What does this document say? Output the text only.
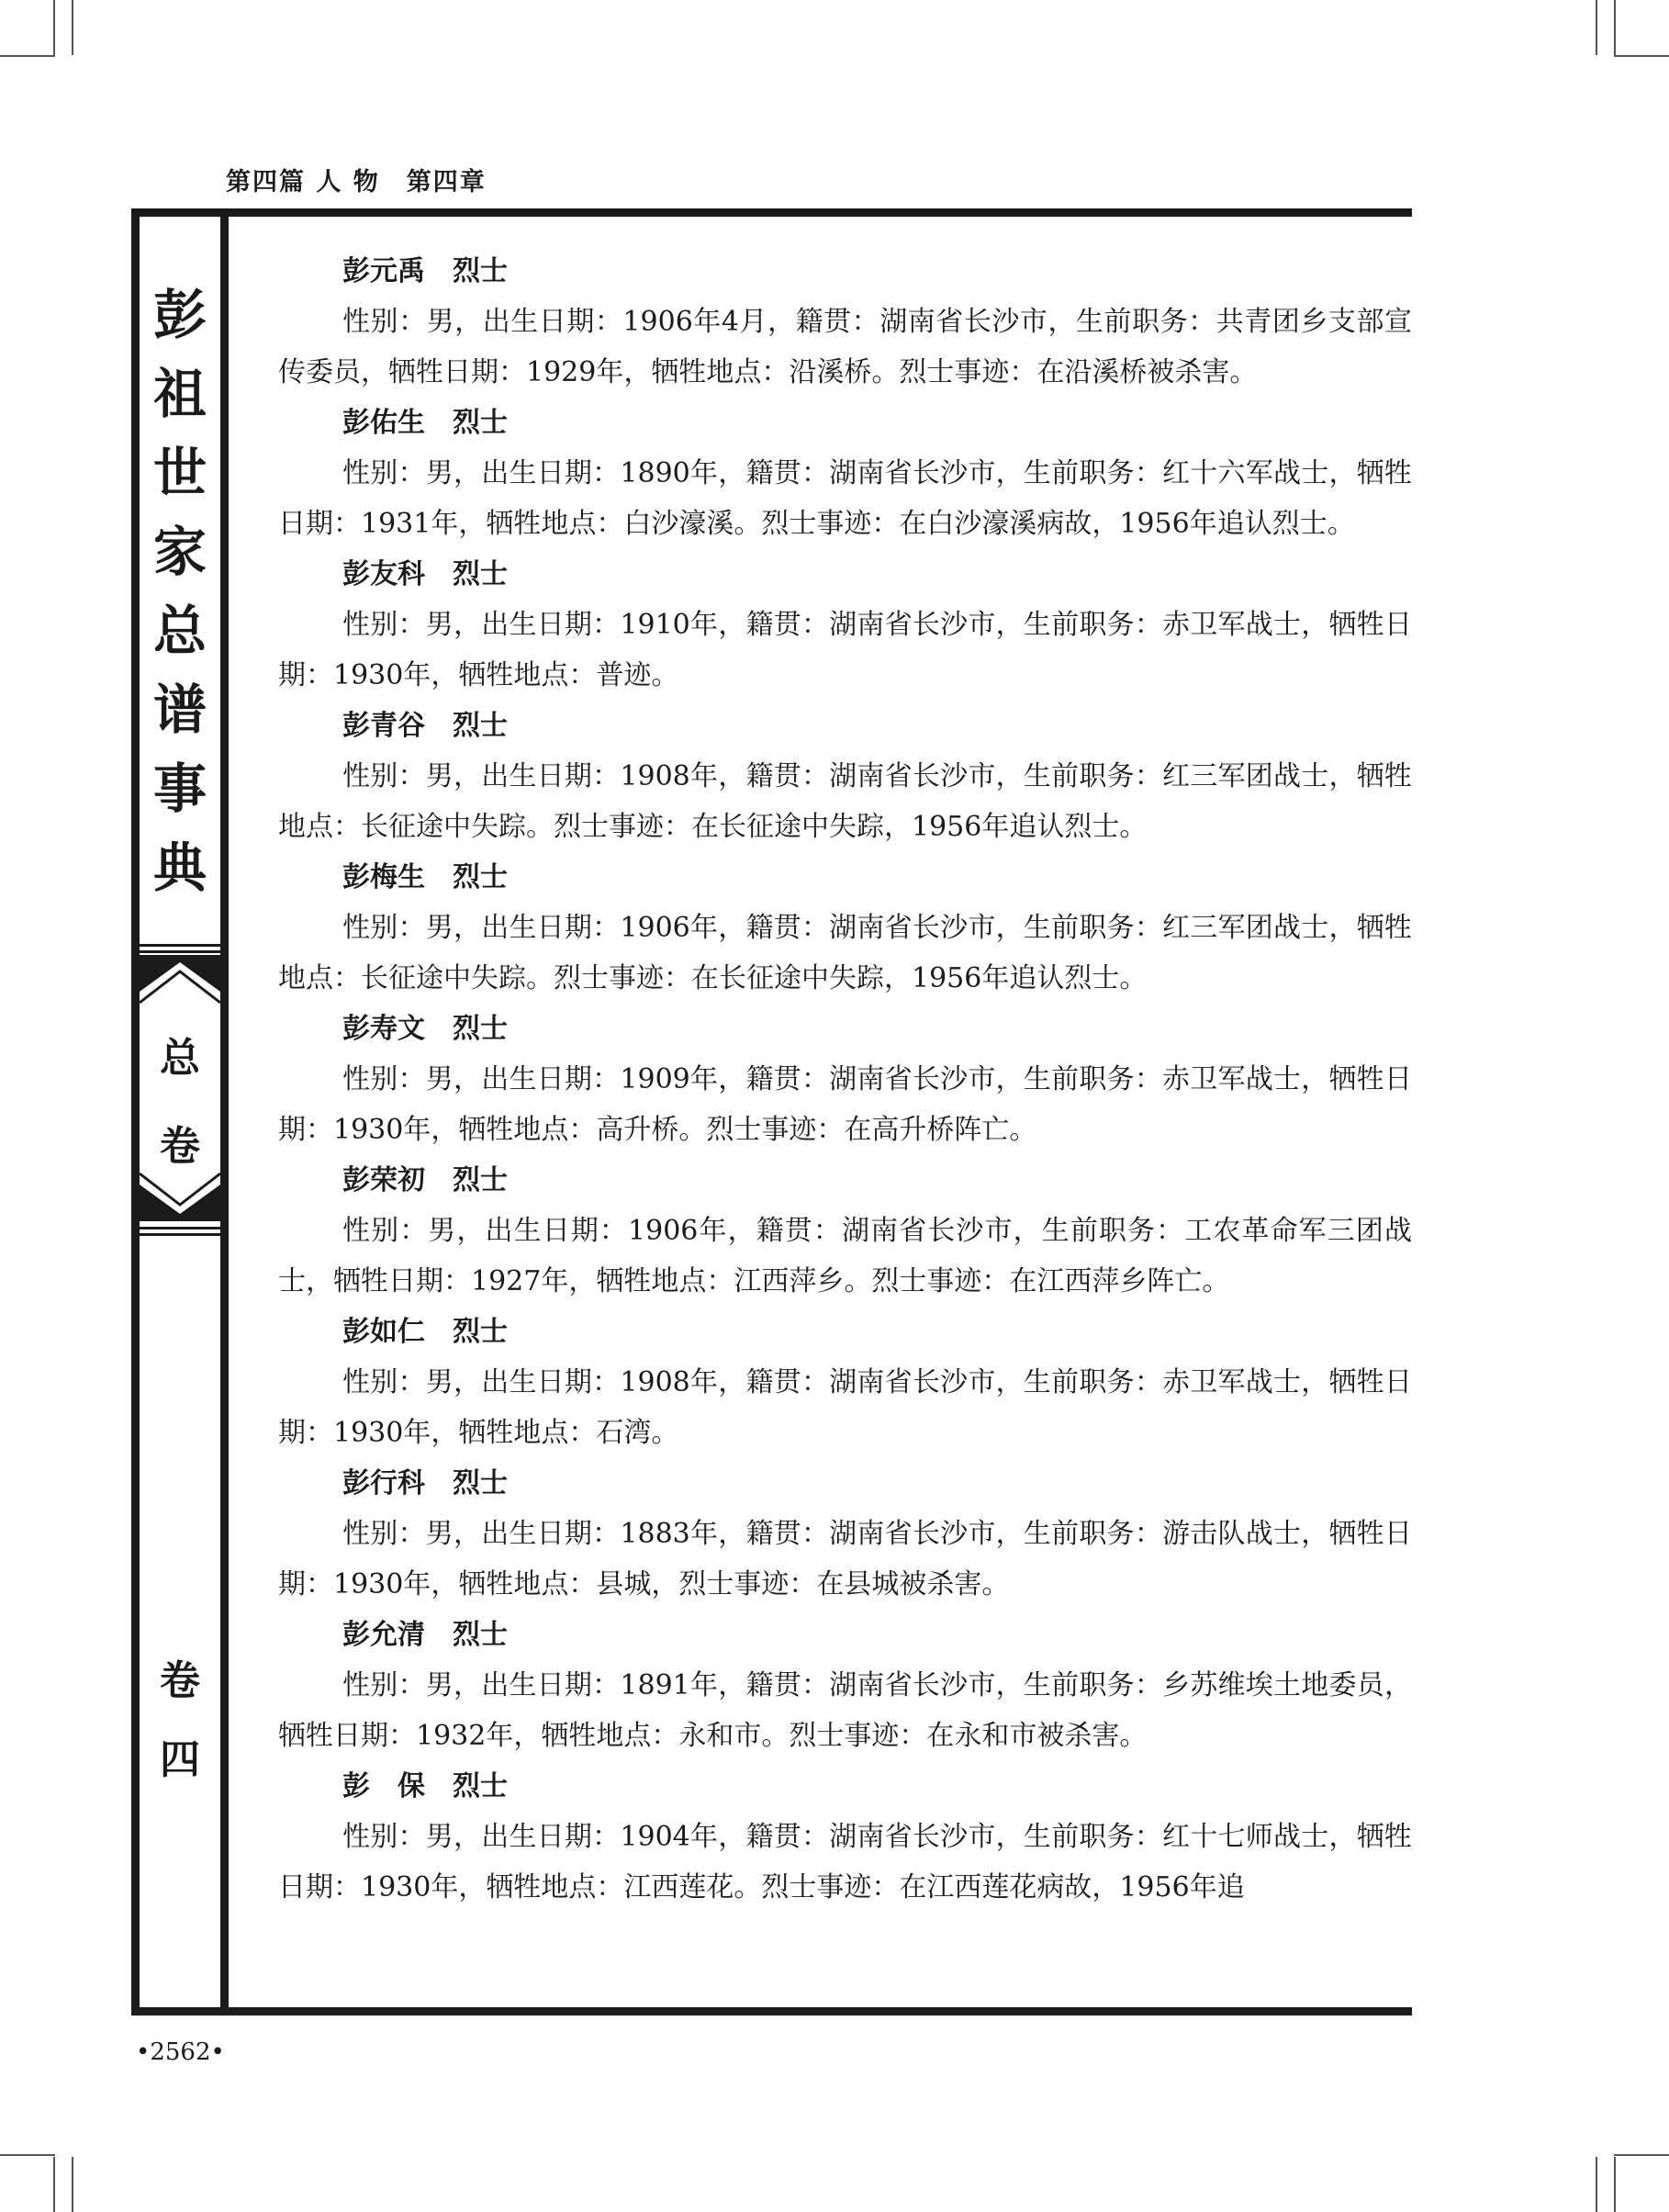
第四篇 人 物　第四章
彭
祖
世
家
总
谱
事
典
总
卷
卷
四
彭元禹　烈士

性别：男，出生日期：1906年4月，籍贯：湖南省长沙市，生前职务：共青团乡支部宣传委员，牺牲日期：1929年，牺牲地点：沿溪桥。烈士事迹：在沿溪桥被杀害。

彭佑生　烈士

性别：男，出生日期：1890年，籍贯：湖南省长沙市，生前职务：红十六军战士，牺牲日期：1931年，牺牲地点：白沙濠溪。烈士事迹：在白沙濠溪病故，1956年追认烈士。

彭友科　烈士

性别：男，出生日期：1910年，籍贯：湖南省长沙市，生前职务：赤卫军战士，牺牲日期：1930年，牺牲地点：普迹。

彭青谷　烈士

性别：男，出生日期：1908年，籍贯：湖南省长沙市，生前职务：红三军团战士，牺牲地点：长征途中失踪。烈士事迹：在长征途中失踪，1956年追认烈士。

彭梅生　烈士

性别：男，出生日期：1906年，籍贯：湖南省长沙市，生前职务：红三军团战士，牺牲地点：长征途中失踪。烈士事迹：在长征途中失踪，1956年追认烈士。

彭寿文　烈士

性别：男，出生日期：1909年，籍贯：湖南省长沙市，生前职务：赤卫军战士，牺牲日期：1930年，牺牲地点：高升桥。烈士事迹：在高升桥阵亡。

彭荣初　烈士

性别：男，出生日期：1906年，籍贯：湖南省长沙市，生前职务：工农革命军三团战士，牺牲日期：1927年，牺牲地点：江西萍乡。烈士事迹：在江西萍乡阵亡。

彭如仁　烈士

性别：男，出生日期：1908年，籍贯：湖南省长沙市，生前职务：赤卫军战士，牺牲日期：1930年，牺牲地点：石湾。

彭行科　烈士

性别：男，出生日期：1883年，籍贯：湖南省长沙市，生前职务：游击队战士，牺牲日期：1930年，牺牲地点：县城，烈士事迹：在县城被杀害。

彭允清　烈士

性别：男，出生日期：1891年，籍贯：湖南省长沙市，生前职务：乡苏维埃土地委员，牺牲日期：1932年，牺牲地点：永和市。烈士事迹：在永和市被杀害。

彭　保　烈士

性别：男，出生日期：1904年，籍贯：湖南省长沙市，生前职务：红十七师战士，牺牲日期：1930年，牺牲地点：江西莲花。烈士事迹：在江西莲花病故，1956年追

•2562•
